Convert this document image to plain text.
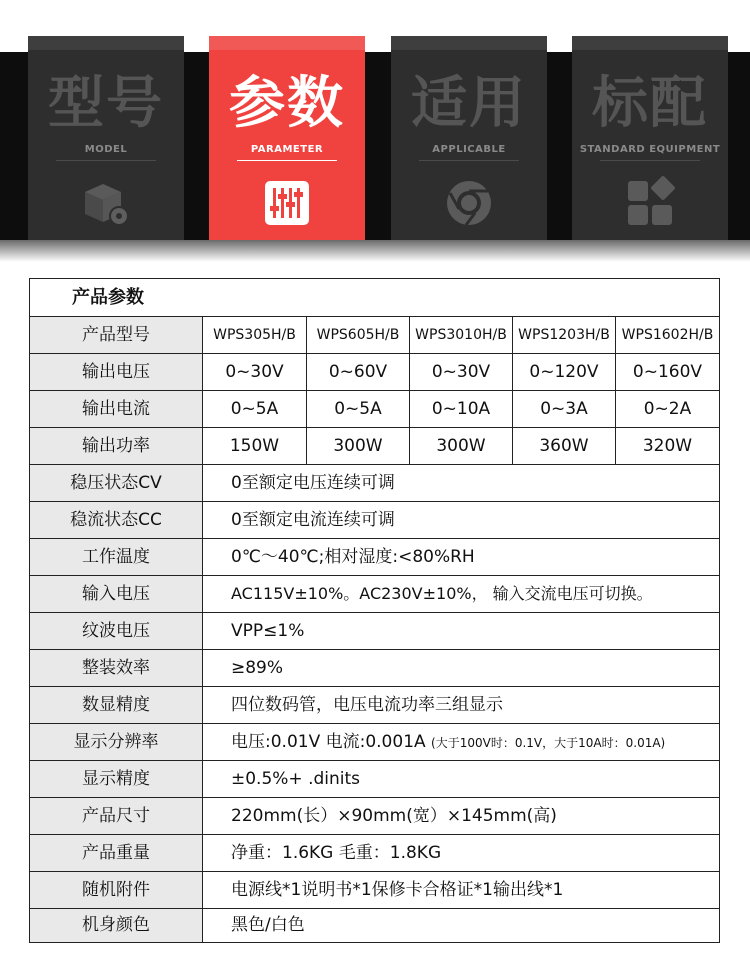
型号
MODEL
参数
PARAMETER
适用
APPLICABLE
标配
STANDARD EQUIPMENT
产品参数
产品型号	WPS305H/B	WPS605H/B	WPS3010H/B WPS1203H/B WPS1602H/B
输出电压	0~30V	0~60V	0~30V	0~120V	0~160V
输出电流	0~5A	0~5A	0~10A	0~3A	0~2A
输出功率	150W	300W	300W	360W	320W
稳压状态CV	0至额定电压连续可调
稳流状态CC	0至额定电流连续可调
工作温度	0℃～40℃;相对湿度:<80%RH
输入电压	AC115V±10%。AC230V±10%， 输入交流电压可切换。
纹波电压	VPP≤1%
整装效率	≥89%
数显精度	四位数码管，电压电流功率三组显示
显示分辨率	电压:0.01V 电流:0.001A (大于100V时：0.1V，大于10A时：0.01A)
显示精度	±0.5%+ .dinits
产品尺寸	220mm(长）×90mm(宽）×145mm(高)
产品重量	净重：1.6KG 毛重：1.8KG
随机附件	电源线*1说明书*1保修卡合格证*1输出线*1
机身颜色	黑色/白色
